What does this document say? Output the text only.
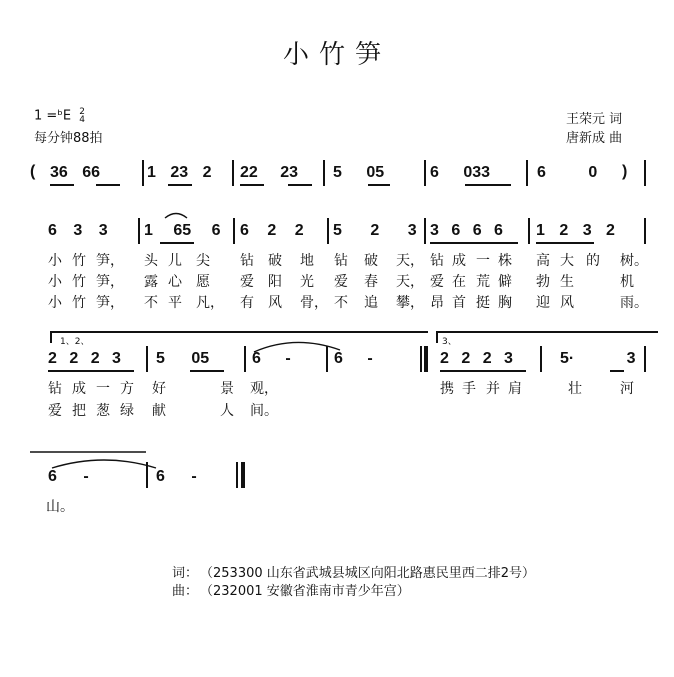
小竹笋
1 =ᵇE 2
4
每分钟88拍
王荣元 词
唐新成 曲
( 36 66	1 23 2 22 23 5 05	6 033	6 0 )
6 3 3 1 65 6 6 2 2 5 2 3 3 6 6 6 1 2 3 2
小 竹 笋， 头 儿 尖 钻 破 地 钻 破 天， 钻 成 一 株 高 大 的 树。
小 竹 笋， 露 心 愿 爱 阳 光 爱 春 天， 爱 在 荒 僻 勃 生	机
小 竹 笋， 不 平 凡， 有 风 骨， 不 追 攀， 昂 首 挺 胸 迎 风	雨。
1、2、	3、
2 2 2 3 5 05	6 -	6 -	2 2 2 3	5· 3
钻 成 一 方 好	景 观，	携 手 并 肩	壮	河
爱 把 葱 绿 献	人 间。
6 -	6 -
山。
词： （253300 山东省武城县城区向阳北路惠民里西二排2号）
曲： （232001 安徽省淮南市青少年宫）
